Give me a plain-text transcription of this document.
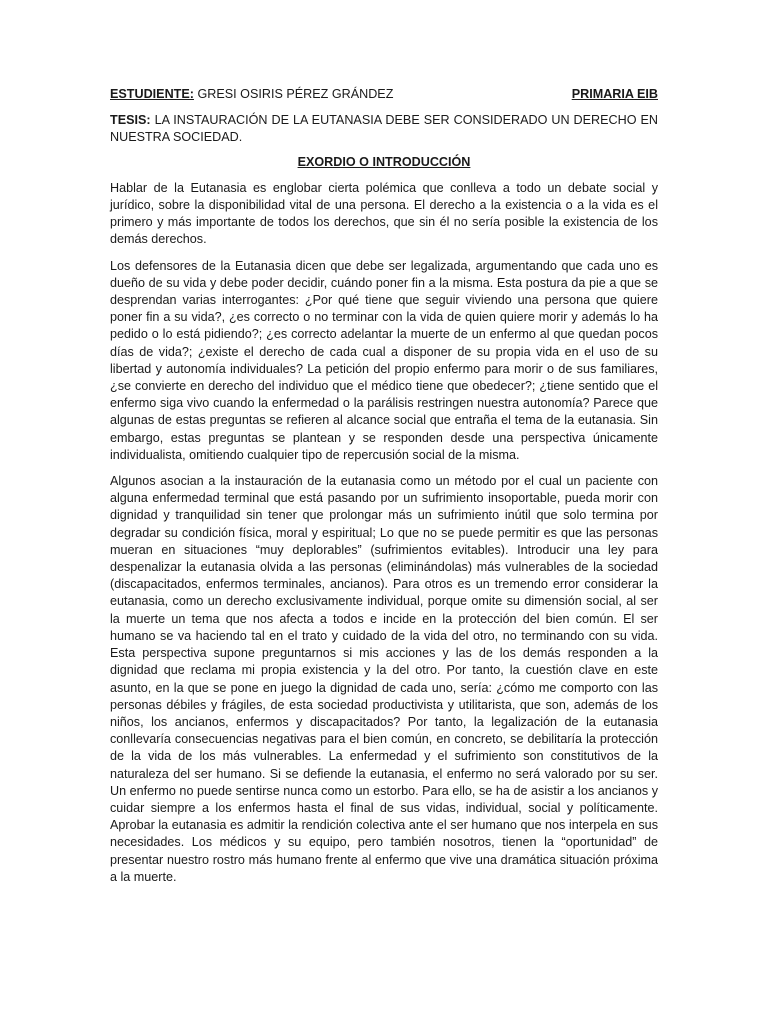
ESTUDIENTE: GRESI OSIRIS PÉREZ GRÁNDEZ	PRIMARIA EIB

TESIS: LA INSTAURACIÓN DE LA EUTANASIA DEBE SER CONSIDERADO UN DERECHO EN NUESTRA SOCIEDAD.

EXORDIO O INTRODUCCIÓN

Hablar de la Eutanasia es englobar cierta polémica que conlleva a todo un debate social y jurídico, sobre la disponibilidad vital de una persona. El derecho a la existencia o a la vida es el primero y más importante de todos los derechos, que sin él no sería posible la existencia de los demás derechos.

Los defensores de la Eutanasia dicen que debe ser legalizada, argumentando que cada uno es dueño de su vida y debe poder decidir, cuándo poner fin a la misma. Esta postura da pie a que se desprendan varias interrogantes: ¿Por qué tiene que seguir viviendo una persona que quiere poner fin a su vida?, ¿es correcto o no terminar con la vida de quien quiere morir y además lo ha pedido o lo está pidiendo?; ¿es correcto adelantar la muerte de un enfermo al que quedan pocos días de vida?; ¿existe el derecho de cada cual a disponer de su propia vida en el uso de su libertad y autonomía individuales? La petición del propio enfermo para morir o de sus familiares, ¿se convierte en derecho del individuo que el médico tiene que obedecer?; ¿tiene sentido que el enfermo siga vivo cuando la enfermedad o la parálisis restringen nuestra autonomía? Parece que algunas de estas preguntas se refieren al alcance social que entraña el tema de la eutanasia. Sin embargo, estas preguntas se plantean y se responden desde una perspectiva únicamente individualista, omitiendo cualquier tipo de repercusión social de la misma.

Algunos asocian a la instauración de la eutanasia como un método por el cual un paciente con alguna enfermedad terminal que está pasando por un sufrimiento insoportable, pueda morir con dignidad y tranquilidad sin tener que prolongar más un sufrimiento inútil que solo termina por degradar su condición física, moral y espiritual; Lo que no se puede permitir es que las personas mueran en situaciones “muy deplorables” (sufrimientos evitables). Introducir una ley para despenalizar la eutanasia olvida a las personas (eliminándolas) más vulnerables de la sociedad (discapacitados, enfermos terminales, ancianos). Para otros es un tremendo error considerar la eutanasia, como un derecho exclusivamente individual, porque omite su dimensión social, al ser la muerte un tema que nos afecta a todos e incide en la protección del bien común. El ser humano se va haciendo tal en el trato y cuidado de la vida del otro, no terminando con su vida. Esta perspectiva supone preguntarnos si mis acciones y las de los demás responden a la dignidad que reclama mi propia existencia y la del otro. Por tanto, la cuestión clave en este asunto, en la que se pone en juego la dignidad de cada uno, sería: ¿cómo me comporto con las personas débiles y frágiles, de esta sociedad productivista y utilitarista, que son, además de los niños, los ancianos, enfermos y discapacitados? Por tanto, la legalización de la eutanasia conllevaría consecuencias negativas para el bien común, en concreto, se debilitaría la protección de la vida de los más vulnerables. La enfermedad y el sufrimiento son constitutivos de la naturaleza del ser humano. Si se defiende la eutanasia, el enfermo no será valorado por su ser. Un enfermo no puede sentirse nunca como un estorbo. Para ello, se ha de asistir a los ancianos y cuidar siempre a los enfermos hasta el final de sus vidas, individual, social y políticamente. Aprobar la eutanasia es admitir la rendición colectiva ante el ser humano que nos interpela en sus necesidades. Los médicos y su equipo, pero también nosotros, tienen la “oportunidad” de presentar nuestro rostro más humano frente al enfermo que vive una dramática situación próxima a la muerte.
